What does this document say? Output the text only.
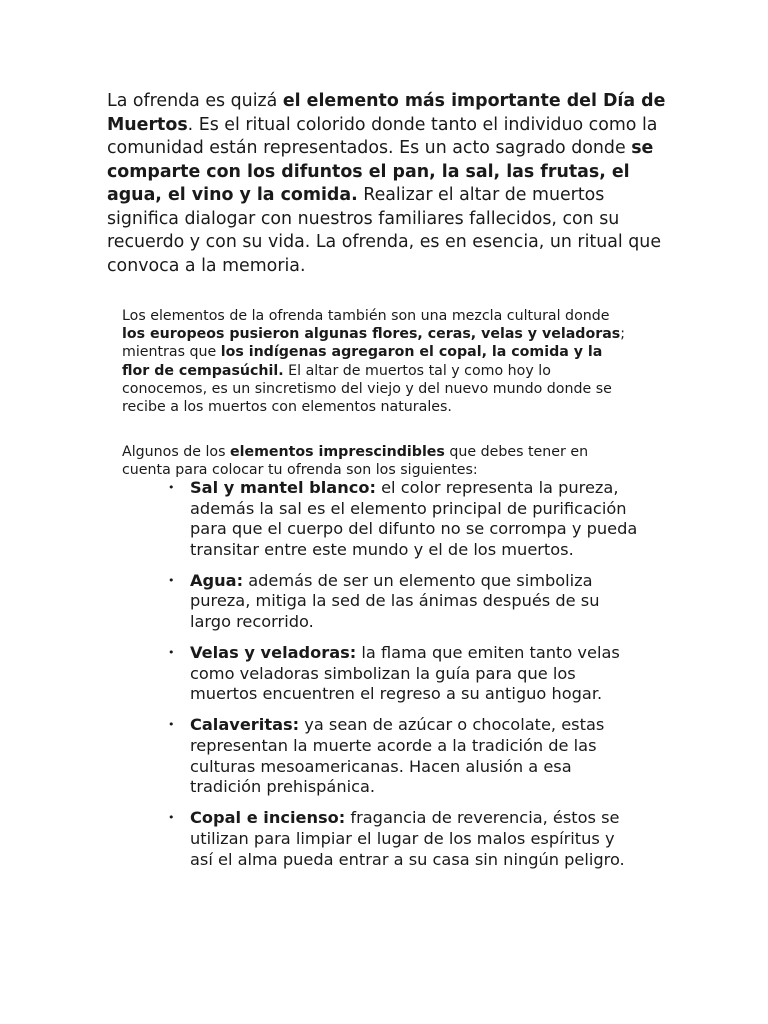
La ofrenda es quizá el elemento más importante del Día de Muertos. Es el ritual colorido donde tanto el individuo como la comunidad están representados. Es un acto sagrado donde se comparte con los difuntos el pan, la sal, las frutas, el agua, el vino y la comida. Realizar el altar de muertos significa dialogar con nuestros familiares fallecidos, con su recuerdo y con su vida. La ofrenda, es en esencia, un ritual que convoca a la memoria.

Los elementos de la ofrenda también son una mezcla cultural donde los europeos pusieron algunas flores, ceras, velas y veladoras; mientras que los indígenas agregaron el copal, la comida y la flor de cempasúchil. El altar de muertos tal y como hoy lo conocemos, es un sincretismo del viejo y del nuevo mundo donde se recibe a los muertos con elementos naturales.

Algunos de los elementos imprescindibles que debes tener en cuenta para colocar tu ofrenda son los siguientes:

• Sal y mantel blanco: el color representa la pureza, además la sal es el elemento principal de purificación para que el cuerpo del difunto no se corrompa y pueda transitar entre este mundo y el de los muertos.
• Agua: además de ser un elemento que simboliza pureza, mitiga la sed de las ánimas después de su largo recorrido.
• Velas y veladoras: la flama que emiten tanto velas como veladoras simbolizan la guía para que los muertos encuentren el regreso a su antiguo hogar.
• Calaveritas: ya sean de azúcar o chocolate, estas representan la muerte acorde a la tradición de las culturas mesoamericanas. Hacen alusión a esa tradición prehispánica.
• Copal e incienso: fragancia de reverencia, éstos se utilizan para limpiar el lugar de los malos espíritus y así el alma pueda entrar a su casa sin ningún peligro.
